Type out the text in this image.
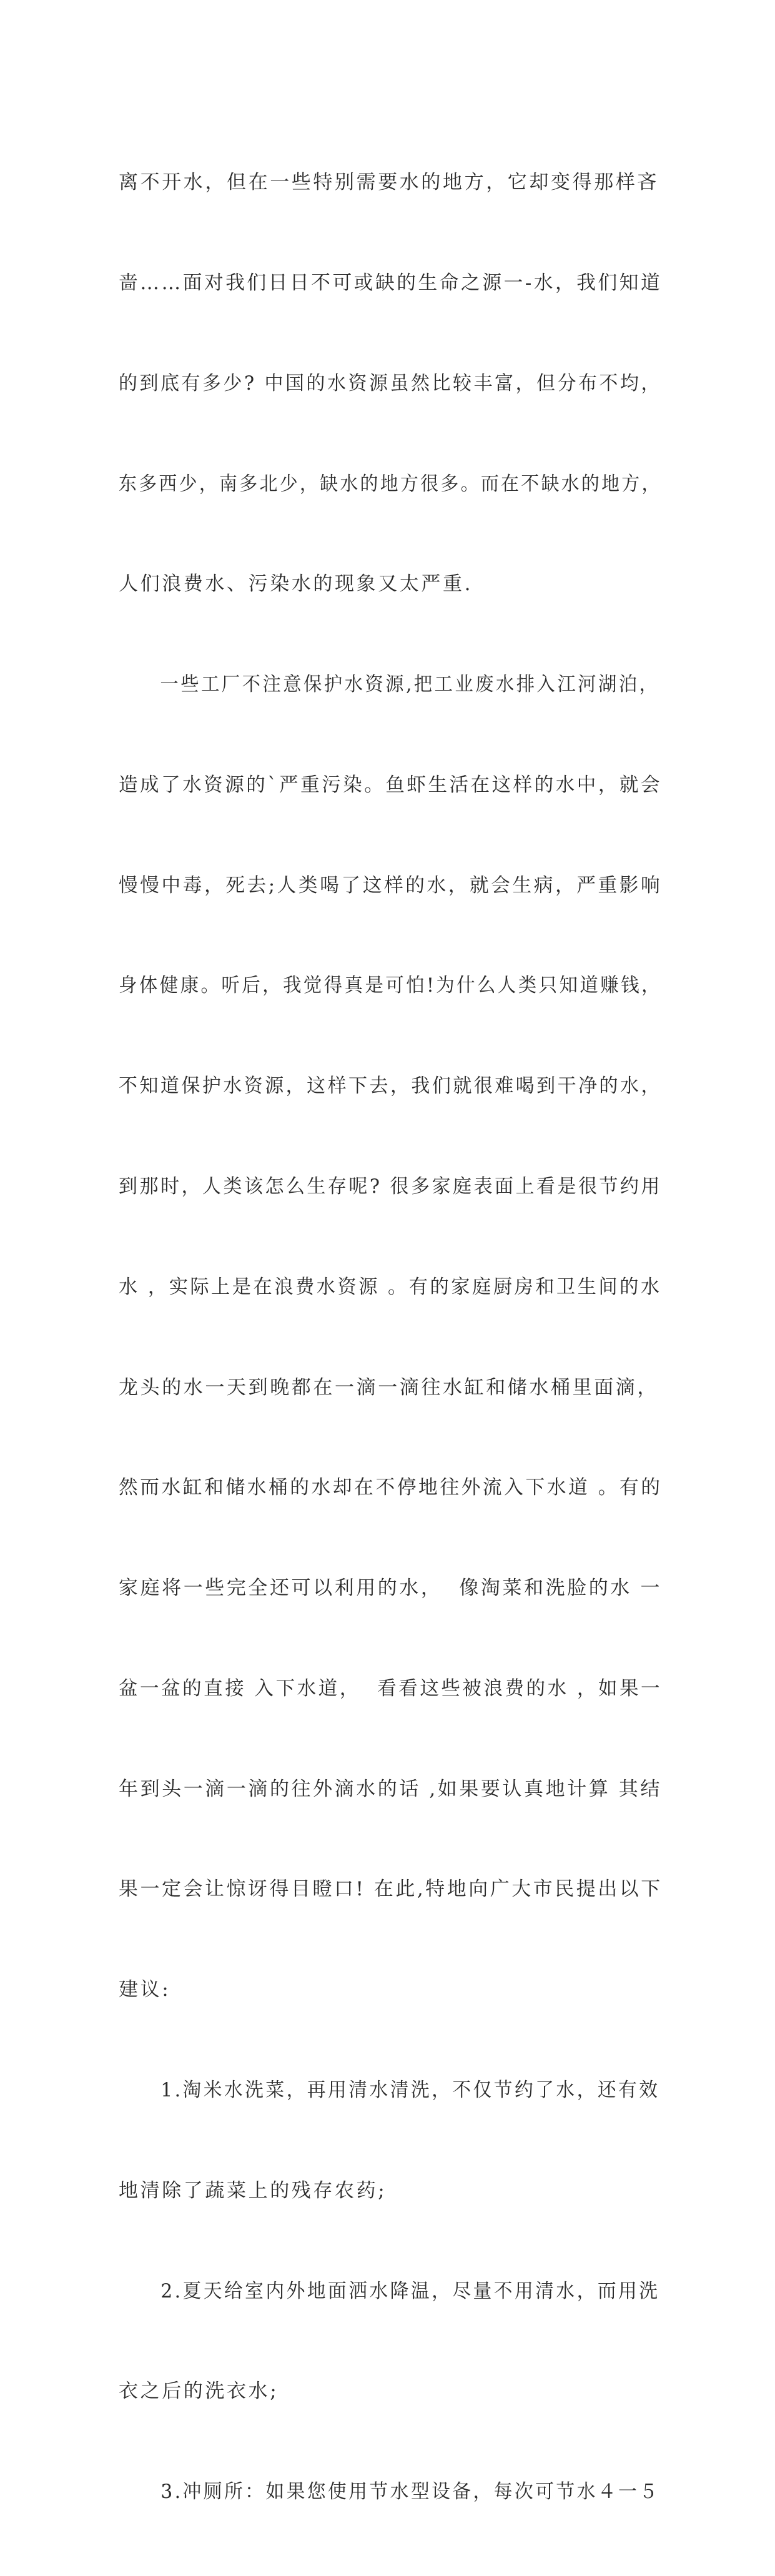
离不开水，但在一些特别需要水的地方，它却变得那样吝

啬……面对我们日日不可或缺的生命之源一-水，我们知道

的到底有多少? 中国的水资源虽然比较丰富，但分布不均，

东多西少，南多北少，缺水的地方很多。而在不缺水的地方，

人们浪费水、污染水的现象又太严重.

一些工厂不注意保护水资源,把工业废水排入江河湖泊，

造成了水资源的`严重污染。鱼虾生活在这样的水中，就会

慢慢中毒，死去;人类喝了这样的水，就会生病，严重影响

身体健康。听后，我觉得真是可怕!为什么人类只知道赚钱，

不知道保护水资源，这样下去，我们就很难喝到干净的水，

到那时，人类该怎么生存呢? 很多家庭表面上看是很节约用

水 ，实际上是在浪费水资源 。有的家庭厨房和卫生间的水

龙头的水一天到晚都在一滴一滴往水缸和储水桶里面滴，

然而水缸和储水桶的水却在不停地往外流入下水道 。有的

家庭将一些完全还可以利用的水，  像淘菜和洗脸的水 一

盆一盆的直接 入下水道，  看看这些被浪费的水 ，如果一

年到头一滴一滴的往外滴水的话 ,如果要认真地计算 其结

果一定会让惊讶得目瞪口! 在此,特地向广大市民提出以下

建议:

1.淘米水洗菜，再用清水清洗，不仅节约了水，还有效

地清除了蔬菜上的残存农药;

2.夏天给室内外地面洒水降温，尽量不用清水，而用洗

衣之后的洗衣水;

3.冲厕所：如果您使用节水型设备，每次可节水４一５
